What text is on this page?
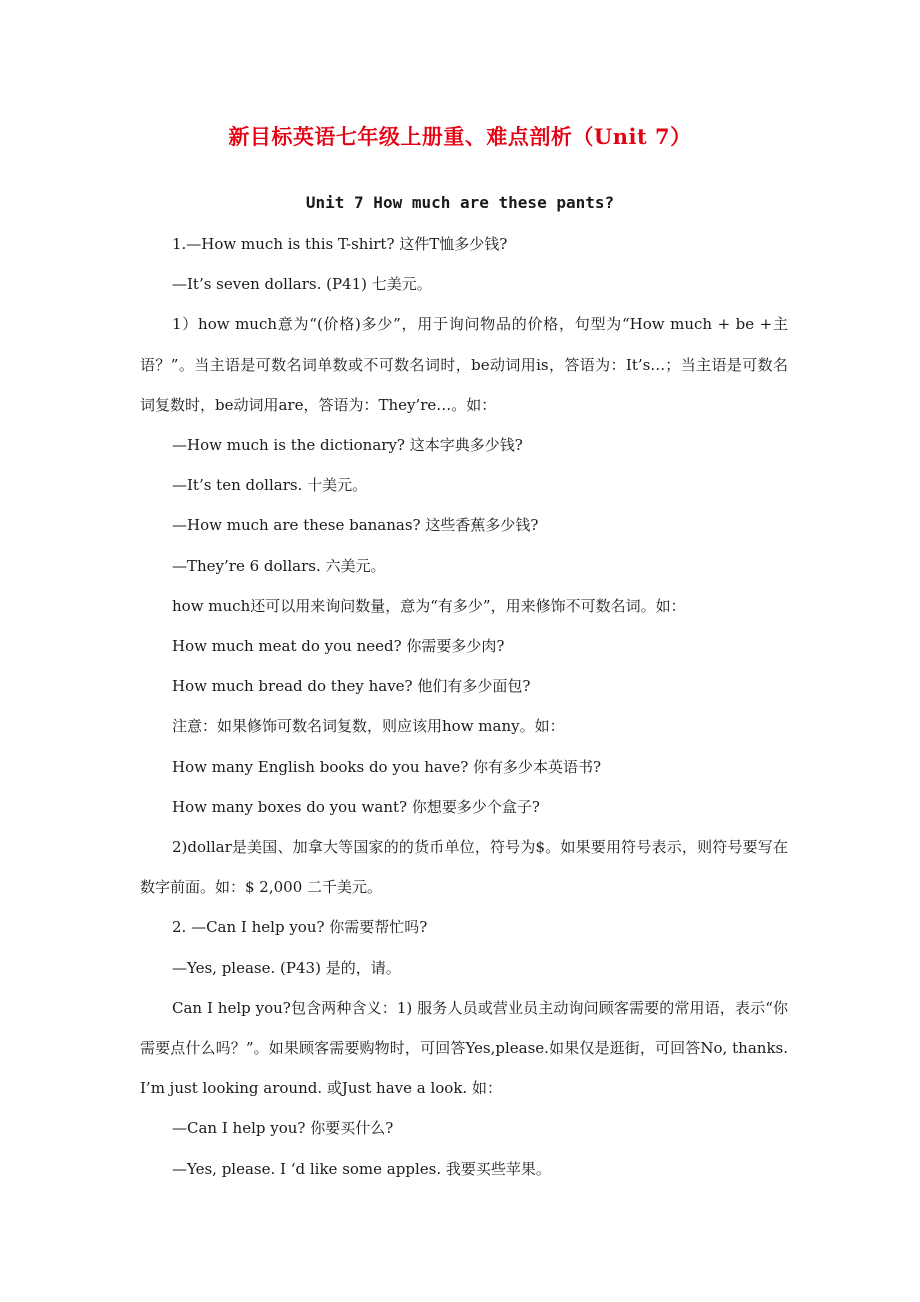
新目标英语七年级上册重、难点剖析（Unit 7）
Unit 7 How much are these pants?

1.—How much is this T-shirt? 这件T恤多少钱?

—It’s seven dollars. (P41) 七美元。

1）how much意为“(价格)多少”，用于询问物品的价格，句型为“How much + be +主语？”。当主语是可数名词单数或不可数名词时，be动词用is，答语为：It’s…；当主语是可数名词复数时，be动词用are，答语为：They’re…。如：

—How much is the dictionary? 这本字典多少钱?

—It’s ten dollars. 十美元。

—How much are these bananas? 这些香蕉多少钱?

—They’re 6 dollars. 六美元。

how much还可以用来询问数量，意为“有多少”，用来修饰不可数名词。如：

How much meat do you need? 你需要多少肉?

How much bread do they have? 他们有多少面包?

注意：如果修饰可数名词复数，则应该用how many。如：

How many English books do you have? 你有多少本英语书?

How many boxes do you want? 你想要多少个盒子?

2)dollar是美国、加拿大等国家的的货币单位，符号为$。如果要用符号表示，则符号要写在数字前面。如：$ 2,000 二千美元。

2. —Can I help you? 你需要帮忙吗?

—Yes, please. (P43) 是的，请。

Can I help you?包含两种含义：1) 服务人员或营业员主动询问顾客需要的常用语，表示“你需要点什么吗？”。如果顾客需要购物时，可回答Yes,please.如果仅是逛街，可回答No, thanks. I’m just looking around. 或Just have a look. 如：

—Can I help you? 你要买什么?

—Yes, please. I ‘d like some apples. 我要买些苹果。
